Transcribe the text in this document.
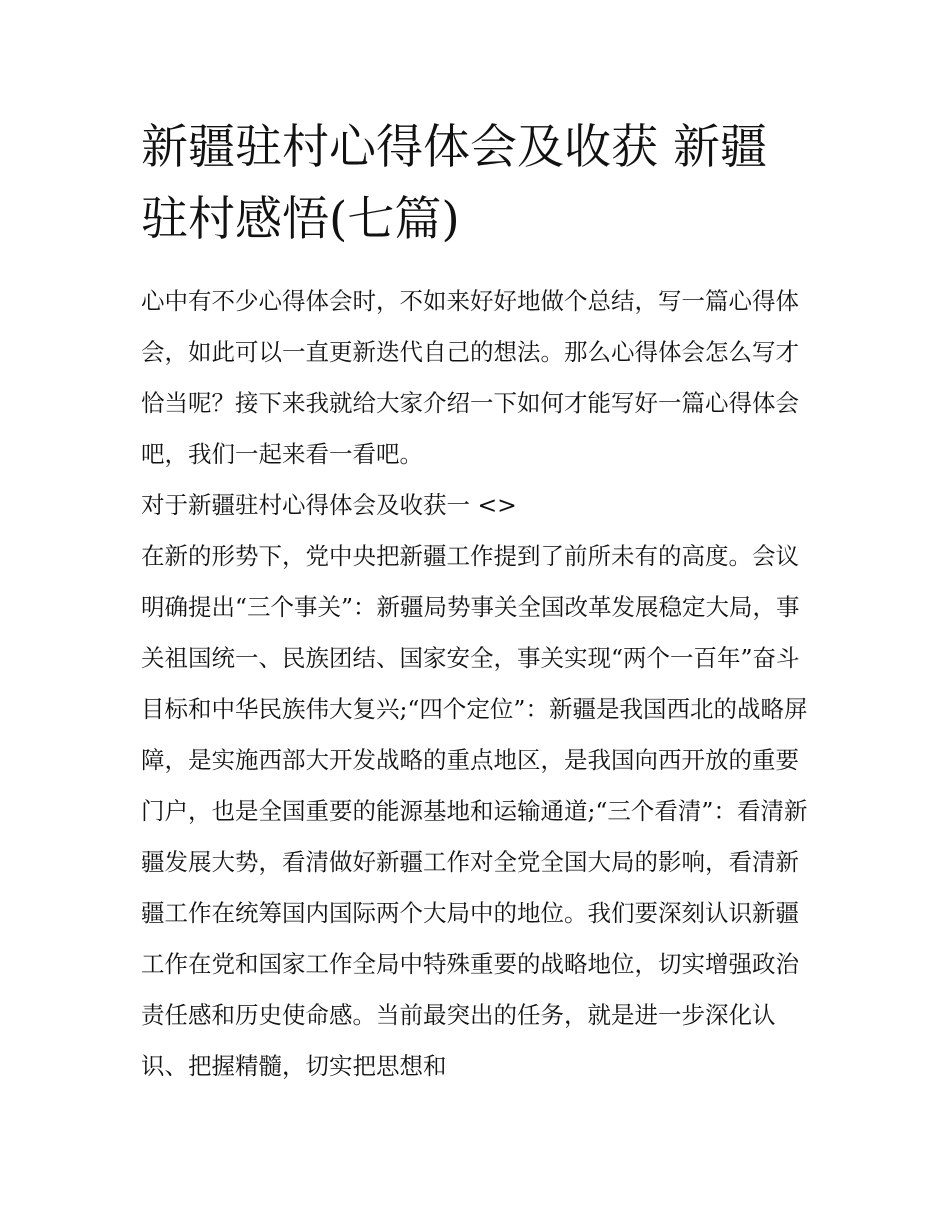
新疆驻村心得体会及收获 新疆驻村感悟(七篇)

心中有不少心得体会时，不如来好好地做个总结，写一篇心得体会，如此可以一直更新迭代自己的想法。那么心得体会怎么写才恰当呢？接下来我就给大家介绍一下如何才能写好一篇心得体会吧，我们一起来看一看吧。

对于新疆驻村心得体会及收获一 <>

在新的形势下，党中央把新疆工作提到了前所未有的高度。会议明确提出“三个事关”：新疆局势事关全国改革发展稳定大局，事关祖国统一、民族团结、国家安全，事关实现“两个一百年”奋斗目标和中华民族伟大复兴;“四个定位”：新疆是我国西北的战略屏障，是实施西部大开发战略的重点地区，是我国向西开放的重要门户，也是全国重要的能源基地和运输通道;“三个看清”：看清新疆发展大势，看清做好新疆工作对全党全国大局的影响，看清新疆工作在统筹国内国际两个大局中的地位。我们要深刻认识新疆工作在党和国家工作全局中特殊重要的战略地位，切实增强政治责任感和历史使命感。当前最突出的任务，就是进一步深化认识、把握精髓，切实把思想和
